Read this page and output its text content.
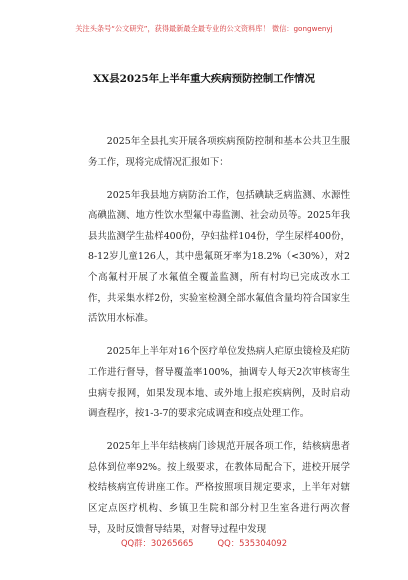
关注头条号“公文研究”，获得最新最全最专业的公文资料库！ 微信：gongwenyj
XX县2025年上半年重大疾病预防控制工作情况

2025年全县扎实开展各项疾病预防控制和基本公共卫生服务工作，现将完成情况汇报如下：

2025年我县地方病防治工作，包括碘缺乏病监测、水源性高碘监测、地方性饮水型氟中毒监测、社会动员等。2025年我县共监测学生盐样400份，孕妇盐样104份，学生尿样400份，8-12岁儿童126人，其中患氟斑牙率为18.2%（<30%），对2个高氟村开展了水氟值全覆盖监测，所有村均已完成改水工作，共采集水样2份，实验室检测全部水氟值含量均符合国家生活饮用水标准。

2025年上半年对16个医疗单位发热病人疟原虫镜检及疟防工作进行督导，督导覆盖率100%，抽调专人每天2次审核寄生虫病专报网，如果发现本地、或外地上报疟疾病例，及时启动调查程序，按1-3-7的要求完成调查和疫点处理工作。

2025年上半年结核病门诊规范开展各项工作，结核病患者总体到位率92%。按上级要求，在教体局配合下，进校开展学校结核病宣传讲座工作。严格按照项目规定要求，上半年对辖区定点医疗机构、乡镇卫生院和部分村卫生室各进行两次督导，及时反馈督导结果，对督导过程中发现

QQ群：30265665	QQ：535304092
